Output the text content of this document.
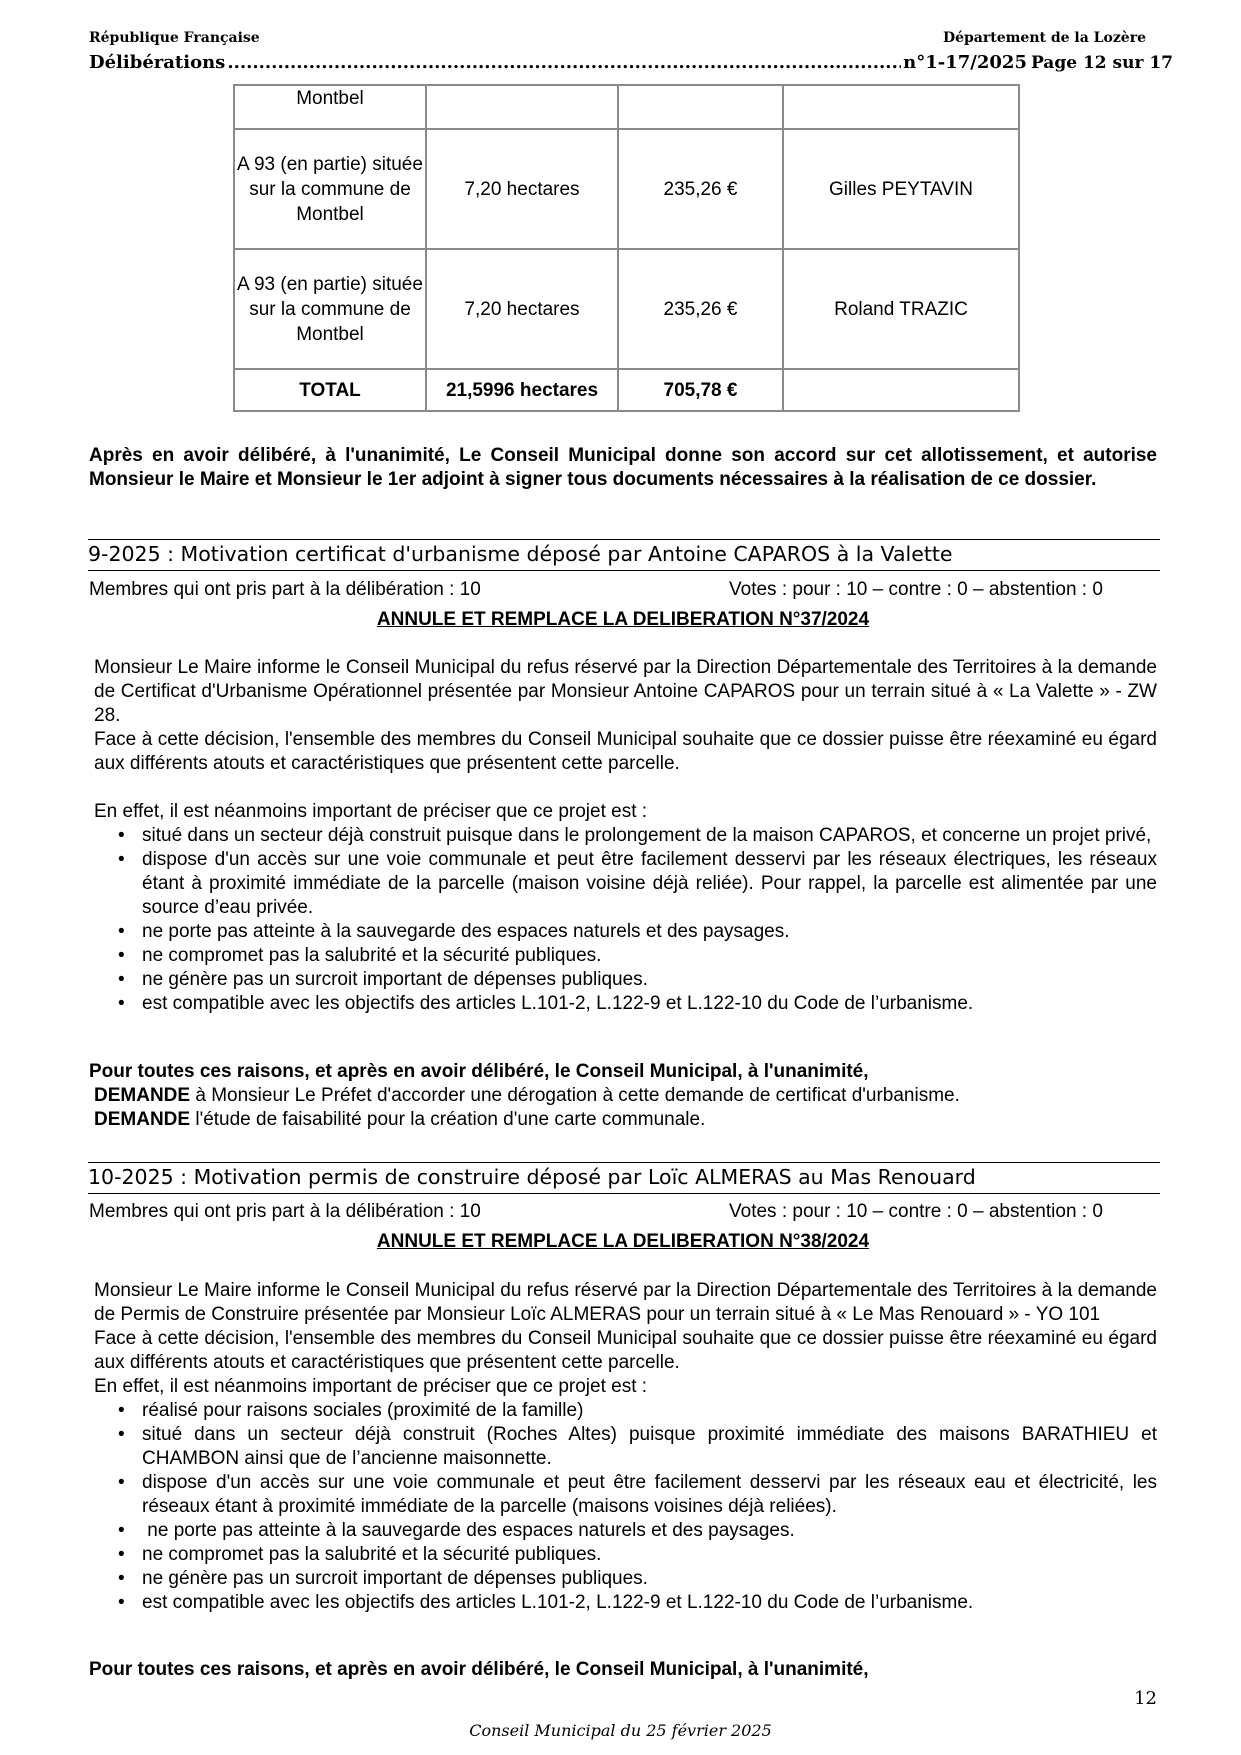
République Française	Département de la Lozère
Délibérations .....	n°1-17/2025 Page 12 sur 17
Montbel			
A 93 (en partie) située sur la commune de Montbel	7,20 hectares	235,26 €	Gilles PEYTAVIN
A 93 (en partie) située sur la commune de Montbel	7,20 hectares	235,26 €	Roland TRAZIC
TOTAL	21,5996 hectares	705,78 €	
Après en avoir délibéré, à l'unanimité, Le Conseil Municipal donne son accord sur cet allotissement, et autorise Monsieur le Maire et Monsieur le 1er adjoint à signer tous documents nécessaires à la réalisation de ce dossier.
9-2025 : Motivation certificat d'urbanisme déposé par Antoine CAPAROS à la Valette
Membres qui ont pris part à la délibération : 10	Votes : pour : 10 – contre : 0 – abstention : 0
ANNULE ET REMPLACE LA DELIBERATION N°37/2024

Monsieur Le Maire informe le Conseil Municipal du refus réservé par la Direction Départementale des Territoires à la demande de Certificat d'Urbanisme Opérationnel présentée par Monsieur Antoine CAPAROS pour un terrain situé à « La Valette » - ZW 28.

Face à cette décision, l'ensemble des membres du Conseil Municipal souhaite que ce dossier puisse être réexaminé eu égard aux différents atouts et caractéristiques que présentent cette parcelle.

En effet, il est néanmoins important de préciser que ce projet est :

• situé dans un secteur déjà construit puisque dans le prolongement de la maison CAPAROS, et concerne un projet privé,
• dispose d'un accès sur une voie communale et peut être facilement desservi par les réseaux électriques, les réseaux étant à proximité immédiate de la parcelle (maison voisine déjà reliée). Pour rappel, la parcelle est alimentée par une source d’eau privée.
• ne porte pas atteinte à la sauvegarde des espaces naturels et des paysages.
• ne compromet pas la salubrité et la sécurité publiques.
• ne génère pas un surcroit important de dépenses publiques.
• est compatible avec les objectifs des articles L.101-2, L.122-9 et L.122-10 du Code de l’urbanisme.
Pour toutes ces raisons, et après en avoir délibéré, le Conseil Municipal, à l'unanimité,
DEMANDE à Monsieur Le Préfet d'accorder une dérogation à cette demande de certificat d'urbanisme.
DEMANDE l'étude de faisabilité pour la création d'une carte communale.
10-2025 : Motivation permis de construire déposé par Loïc ALMERAS au Mas Renouard
Membres qui ont pris part à la délibération : 10	Votes : pour : 10 – contre : 0 – abstention : 0
ANNULE ET REMPLACE LA DELIBERATION N°38/2024

Monsieur Le Maire informe le Conseil Municipal du refus réservé par la Direction Départementale des Territoires à la demande de Permis de Construire présentée par Monsieur Loïc ALMERAS pour un terrain situé à « Le Mas Renouard » - YO 101

Face à cette décision, l'ensemble des membres du Conseil Municipal souhaite que ce dossier puisse être réexaminé eu égard aux différents atouts et caractéristiques que présentent cette parcelle.

En effet, il est néanmoins important de préciser que ce projet est :

• réalisé pour raisons sociales (proximité de la famille)
• situé dans un secteur déjà construit (Roches Altes) puisque proximité immédiate des maisons BARATHIEU et CHAMBON ainsi que de l’ancienne maisonnette.
• dispose d'un accès sur une voie communale et peut être facilement desservi par les réseaux eau et électricité, les réseaux étant à proximité immédiate de la parcelle (maisons voisines déjà reliées).
• ne porte pas atteinte à la sauvegarde des espaces naturels et des paysages.
• ne compromet pas la salubrité et la sécurité publiques.
• ne génère pas un surcroit important de dépenses publiques.
• est compatible avec les objectifs des articles L.101-2, L.122-9 et L.122-10 du Code de l’urbanisme.
Pour toutes ces raisons, et après en avoir délibéré, le Conseil Municipal, à l'unanimité,
12
Conseil Municipal du 25 février 2025
